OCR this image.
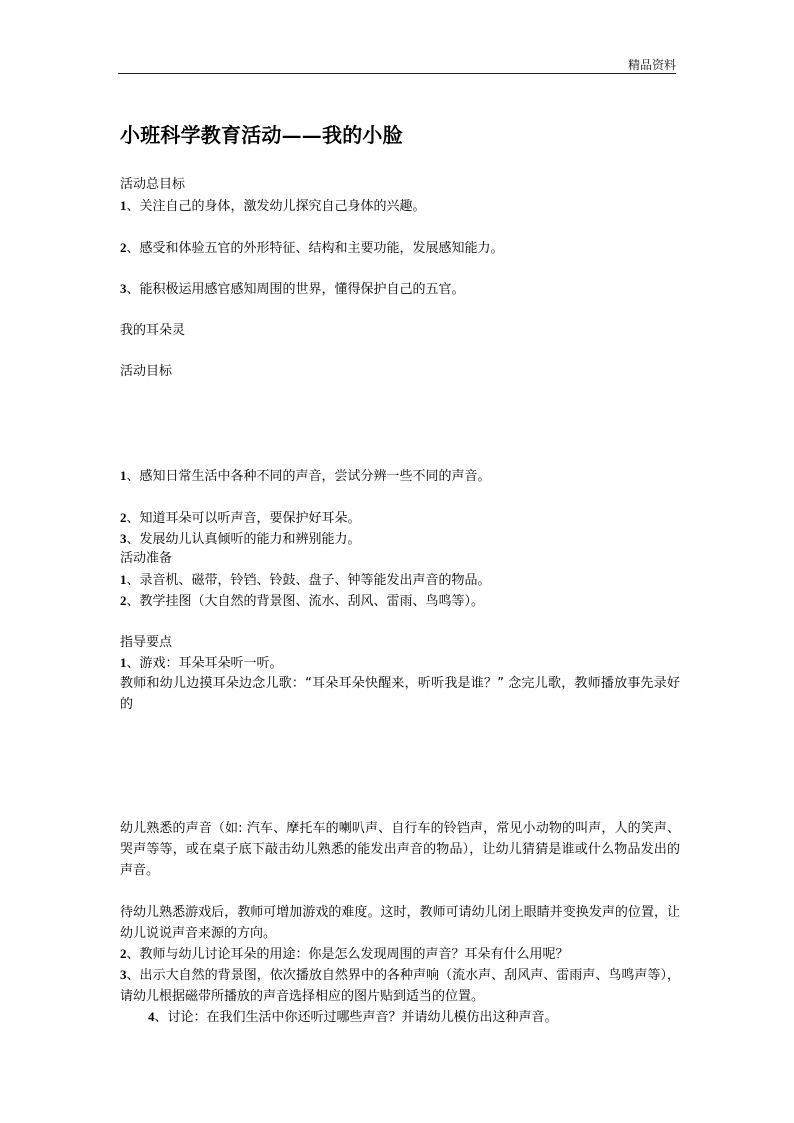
精品资料
小班科学教育活动——我的小脸
活动总目标
1、关注自己的身体，激发幼儿探究自己身体的兴趣。
2、感受和体验五官的外形特征、结构和主要功能，发展感知能力。
3、能积极运用感官感知周围的世界，懂得保护自己的五官。
我的耳朵灵
活动目标
1、感知日常生活中各种不同的声音，尝试分辨一些不同的声音。
2、知道耳朵可以听声音，要保护好耳朵。
3、发展幼儿认真倾听的能力和辨别能力。
活动准备
1、录音机、磁带，铃铛、铃鼓、盘子、钟等能发出声音的物品。
2、教学挂图（大自然的背景图、流水、刮风、雷雨、鸟鸣等）。
指导要点
1、游戏：耳朵耳朵听一听。
教师和幼儿边摸耳朵边念儿歌：“耳朵耳朵快醒来，听听我是谁？” 念完儿歌，教师播放事先录好的
幼儿熟悉的声音（如: 汽车、摩托车的喇叭声、自行车的铃铛声，常见小动物的叫声，人的笑声、哭声等等，或在桌子底下敲击幼儿熟悉的能发出声音的物品），让幼儿猜猜是谁或什么物品发出的声音。
待幼儿熟悉游戏后，教师可增加游戏的难度。这时，教师可请幼儿闭上眼睛并变换发声的位置，让幼儿说说声音来源的方向。
2、教师与幼儿讨论耳朵的用途：你是怎么发现周围的声音？耳朵有什么用呢？
3、出示大自然的背景图，依次播放自然界中的各种声响（流水声、刮风声、雷雨声、鸟鸣声等），请幼儿根据磁带所播放的声音选择相应的图片贴到适当的位置。
4、讨论：在我们生活中你还听过哪些声音？并请幼儿模仿出这种声音。
